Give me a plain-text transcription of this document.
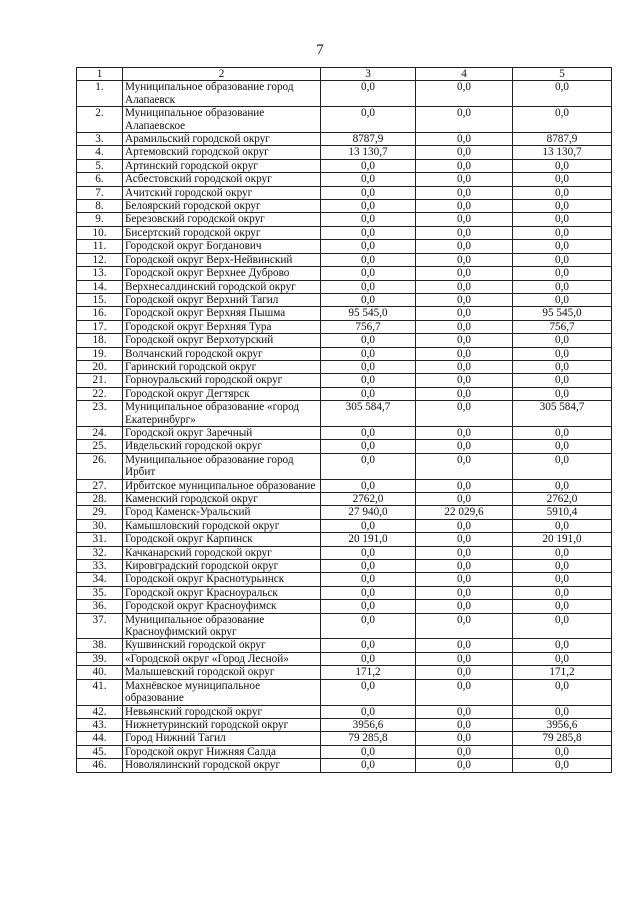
7
1	2	3	4	5
1.	Муниципальное образование город Алапаевск	0,0	0,0	0,0
2.	Муниципальное образование Алапаевское	0,0	0,0	0,0
3.	Арамильский городской округ	8787,9	0,0	8787,9
4.	Артемовский городской округ	13 130,7	0,0	13 130,7
5.	Артинский городской округ	0,0	0,0	0,0
6.	Асбестовский городской округ	0,0	0,0	0,0
7.	Ачитский городской округ	0,0	0,0	0,0
8.	Белоярский городской округ	0,0	0,0	0,0
9.	Березовский городской округ	0,0	0,0	0,0
10.	Бисертский городской округ	0,0	0,0	0,0
11.	Городской округ Богданович	0,0	0,0	0,0
12.	Городской округ Верх-Нейвинский	0,0	0,0	0,0
13.	Городской округ Верхнее Дуброво	0,0	0,0	0,0
14.	Верхнесалдинский городской округ	0,0	0,0	0,0
15.	Городской округ Верхний Тагил	0,0	0,0	0,0
16.	Городской округ Верхняя Пышма	95 545,0	0,0	95 545,0
17.	Городской округ Верхняя Тура	756,7	0,0	756,7
18.	Городской округ Верхотурский	0,0	0,0	0,0
19.	Волчанский городской округ	0,0	0,0	0,0
20.	Гаринский городской округ	0,0	0,0	0,0
21.	Горноуральский городской округ	0,0	0,0	0,0
22.	Городской округ Дегтярск	0,0	0,0	0,0
23.	Муниципальное образование «город Екатеринбург»	305 584,7	0,0	305 584,7
24.	Городской округ Заречный	0,0	0,0	0,0
25.	Ивдельский городской округ	0,0	0,0	0,0
26.	Муниципальное образование город Ирбит	0,0	0,0	0,0
27.	Ирбитское муниципальное образование	0,0	0,0	0,0
28.	Каменский городской округ	2762,0	0,0	2762,0
29.	Город Каменск-Уральский	27 940,0	22 029,6	5910,4
30.	Камышловский городской округ	0,0	0,0	0,0
31.	Городской округ Карпинск	20 191,0	0,0	20 191,0
32.	Качканарский городской округ	0,0	0,0	0,0
33.	Кировградский городской округ	0,0	0,0	0,0
34.	Городской округ Краснотурьинск	0,0	0,0	0,0
35.	Городской округ Красноуральск	0,0	0,0	0,0
36.	Городской округ Красноуфимск	0,0	0,0	0,0
37.	Муниципальное образование Красноуфимский округ	0,0	0,0	0,0
38.	Кушвинский городской округ	0,0	0,0	0,0
39.	«Городской округ «Город Лесной»	0,0	0,0	0,0
40.	Малышевский городской округ	171,2	0,0	171,2
41.	Махнёвское муниципальное образование	0,0	0,0	0,0
42.	Невьянский городской округ	0,0	0,0	0,0
43.	Нижнетуринский городской округ	3956,6	0,0	3956,6
44.	Город Нижний Тагил	79 285,8	0,0	79 285,8
45.	Городской округ Нижняя Салда	0,0	0,0	0,0
46.	Новолялинский городской округ	0,0	0,0	0,0
